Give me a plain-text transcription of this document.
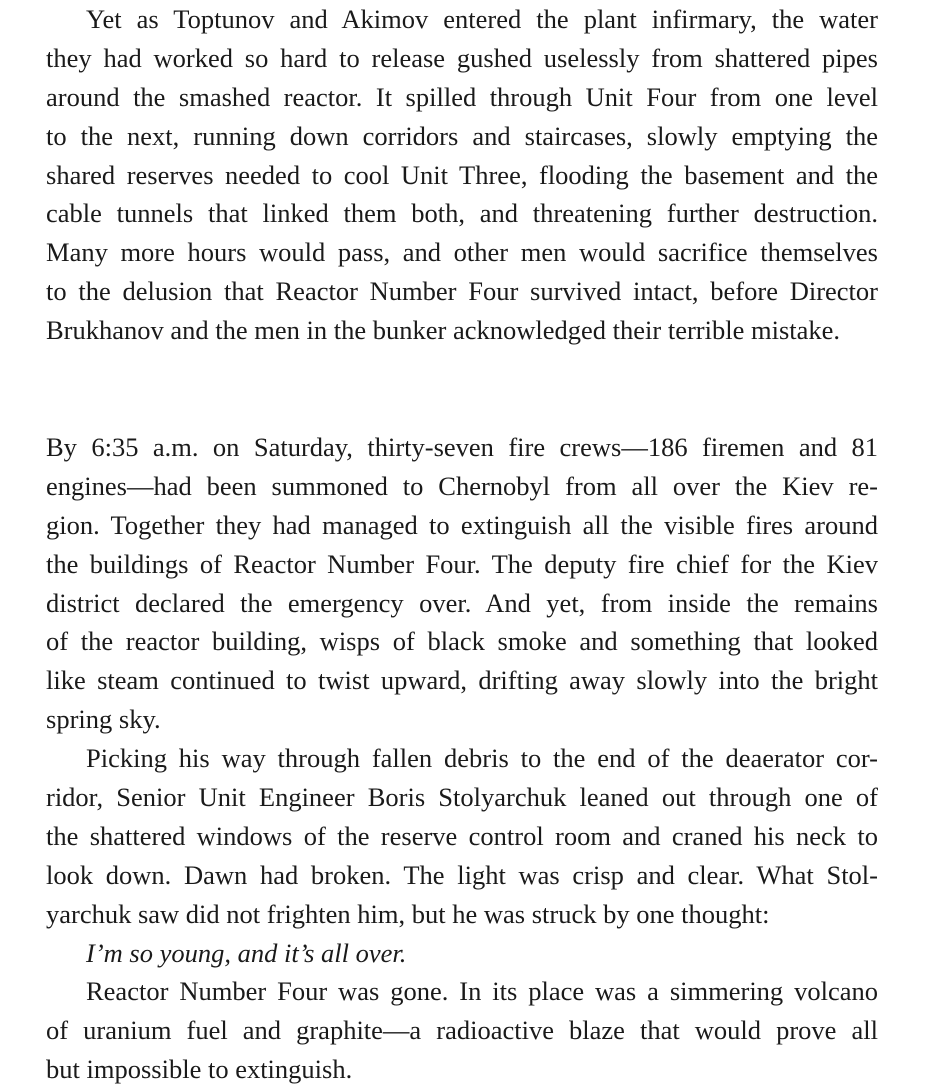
Yet as Toptunov and Akimov entered the plant infirmary, the water
they had worked so hard to release gushed uselessly from shattered pipes
around the smashed reactor. It spilled through Unit Four from one level
to the next, running down corridors and staircases, slowly emptying the
shared reserves needed to cool Unit Three, flooding the basement and the
cable tunnels that linked them both, and threatening further destruction.
Many more hours would pass, and other men would sacrifice themselves
to the delusion that Reactor Number Four survived intact, before Director
Brukhanov and the men in the bunker acknowledged their terrible mistake.

By 6:35 a.m. on Saturday, thirty-seven fire crews—186 firemen and 81
engines—had been summoned to Chernobyl from all over the Kiev re-
gion. Together they had managed to extinguish all the visible fires around
the buildings of Reactor Number Four. The deputy fire chief for the Kiev
district declared the emergency over. And yet, from inside the remains
of the reactor building, wisps of black smoke and something that looked
like steam continued to twist upward, drifting away slowly into the bright
spring sky.

Picking his way through fallen debris to the end of the deaerator cor-
ridor, Senior Unit Engineer Boris Stolyarchuk leaned out through one of
the shattered windows of the reserve control room and craned his neck to
look down. Dawn had broken. The light was crisp and clear. What Stol-
yarchuk saw did not frighten him, but he was struck by one thought:

I’m so young, and it’s all over.

Reactor Number Four was gone. In its place was a simmering volcano
of uranium fuel and graphite—a radioactive blaze that would prove all
but impossible to extinguish.
